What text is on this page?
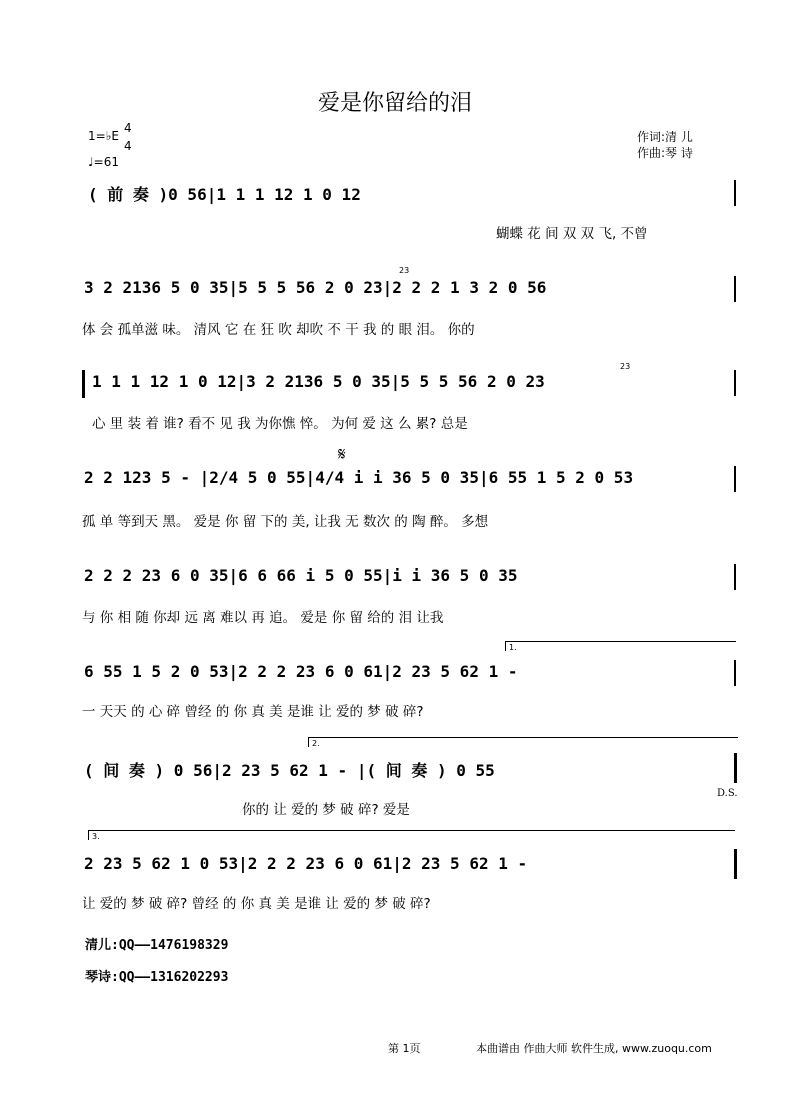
爱是你留给的泪
1=♭E
4
4
♩=61
作词:清 儿
作曲:琴 诗
( 前 奏 )0 56|1 1 1 12 1 0 12
蝴蝶 花 间 双 双 飞, 不曾
3 2 2136 5 0 35|5 5 5 56 2 0 23|2 2 2 1 3 2 0 56
23
体 会 孤单滋 味。 清风 它 在 狂 吹 却吹 不 干 我 的 眼 泪。 你的
1 1 1 12 1 0 12|3 2 2136 5 0 35|5 5 5 56 2 0 23
23
心 里 装 着 谁? 看不 见 我 为你憔 悴。 为何 爱 这 么 累? 总是
2 2 123 5 - |2/4 5 0 55|4/4 i i 36 5 0 35|6 55 1 5 2 0 53
𝄋
孤 单 等到天 黑。 爱是 你 留 下的 美, 让我 无 数次 的 陶 醉。 多想
2 2 2 23 6 0 35|6 6 66 i 5 0 55|i i 36 5 0 35
与 你 相 随 你却 远 离 难以 再 追。 爱是 你 留 给的 泪 让我
1.
6 55 1 5 2 0 53|2 2 2 23 6 0 61|2 23 5 62 1 -
一 天天 的 心 碎 曾经 的 你 真 美 是谁 让 爱的 梦 破 碎?
2.
( 间 奏 ) 0 56|2 23 5 62 1 - |( 间 奏 ) 0 55
D.S.
你的 让 爱的 梦 破 碎? 爱是
3.
2 23 5 62 1 0 53|2 2 2 23 6 0 61|2 23 5 62 1 -
让 爱的 梦 破 碎? 曾经 的 你 真 美 是谁 让 爱的 梦 破 碎?
清儿:QQ——1476198329
琴诗:QQ——1316202293
第 1页	本曲谱由 作曲大师 软件生成, www.zuoqu.com
